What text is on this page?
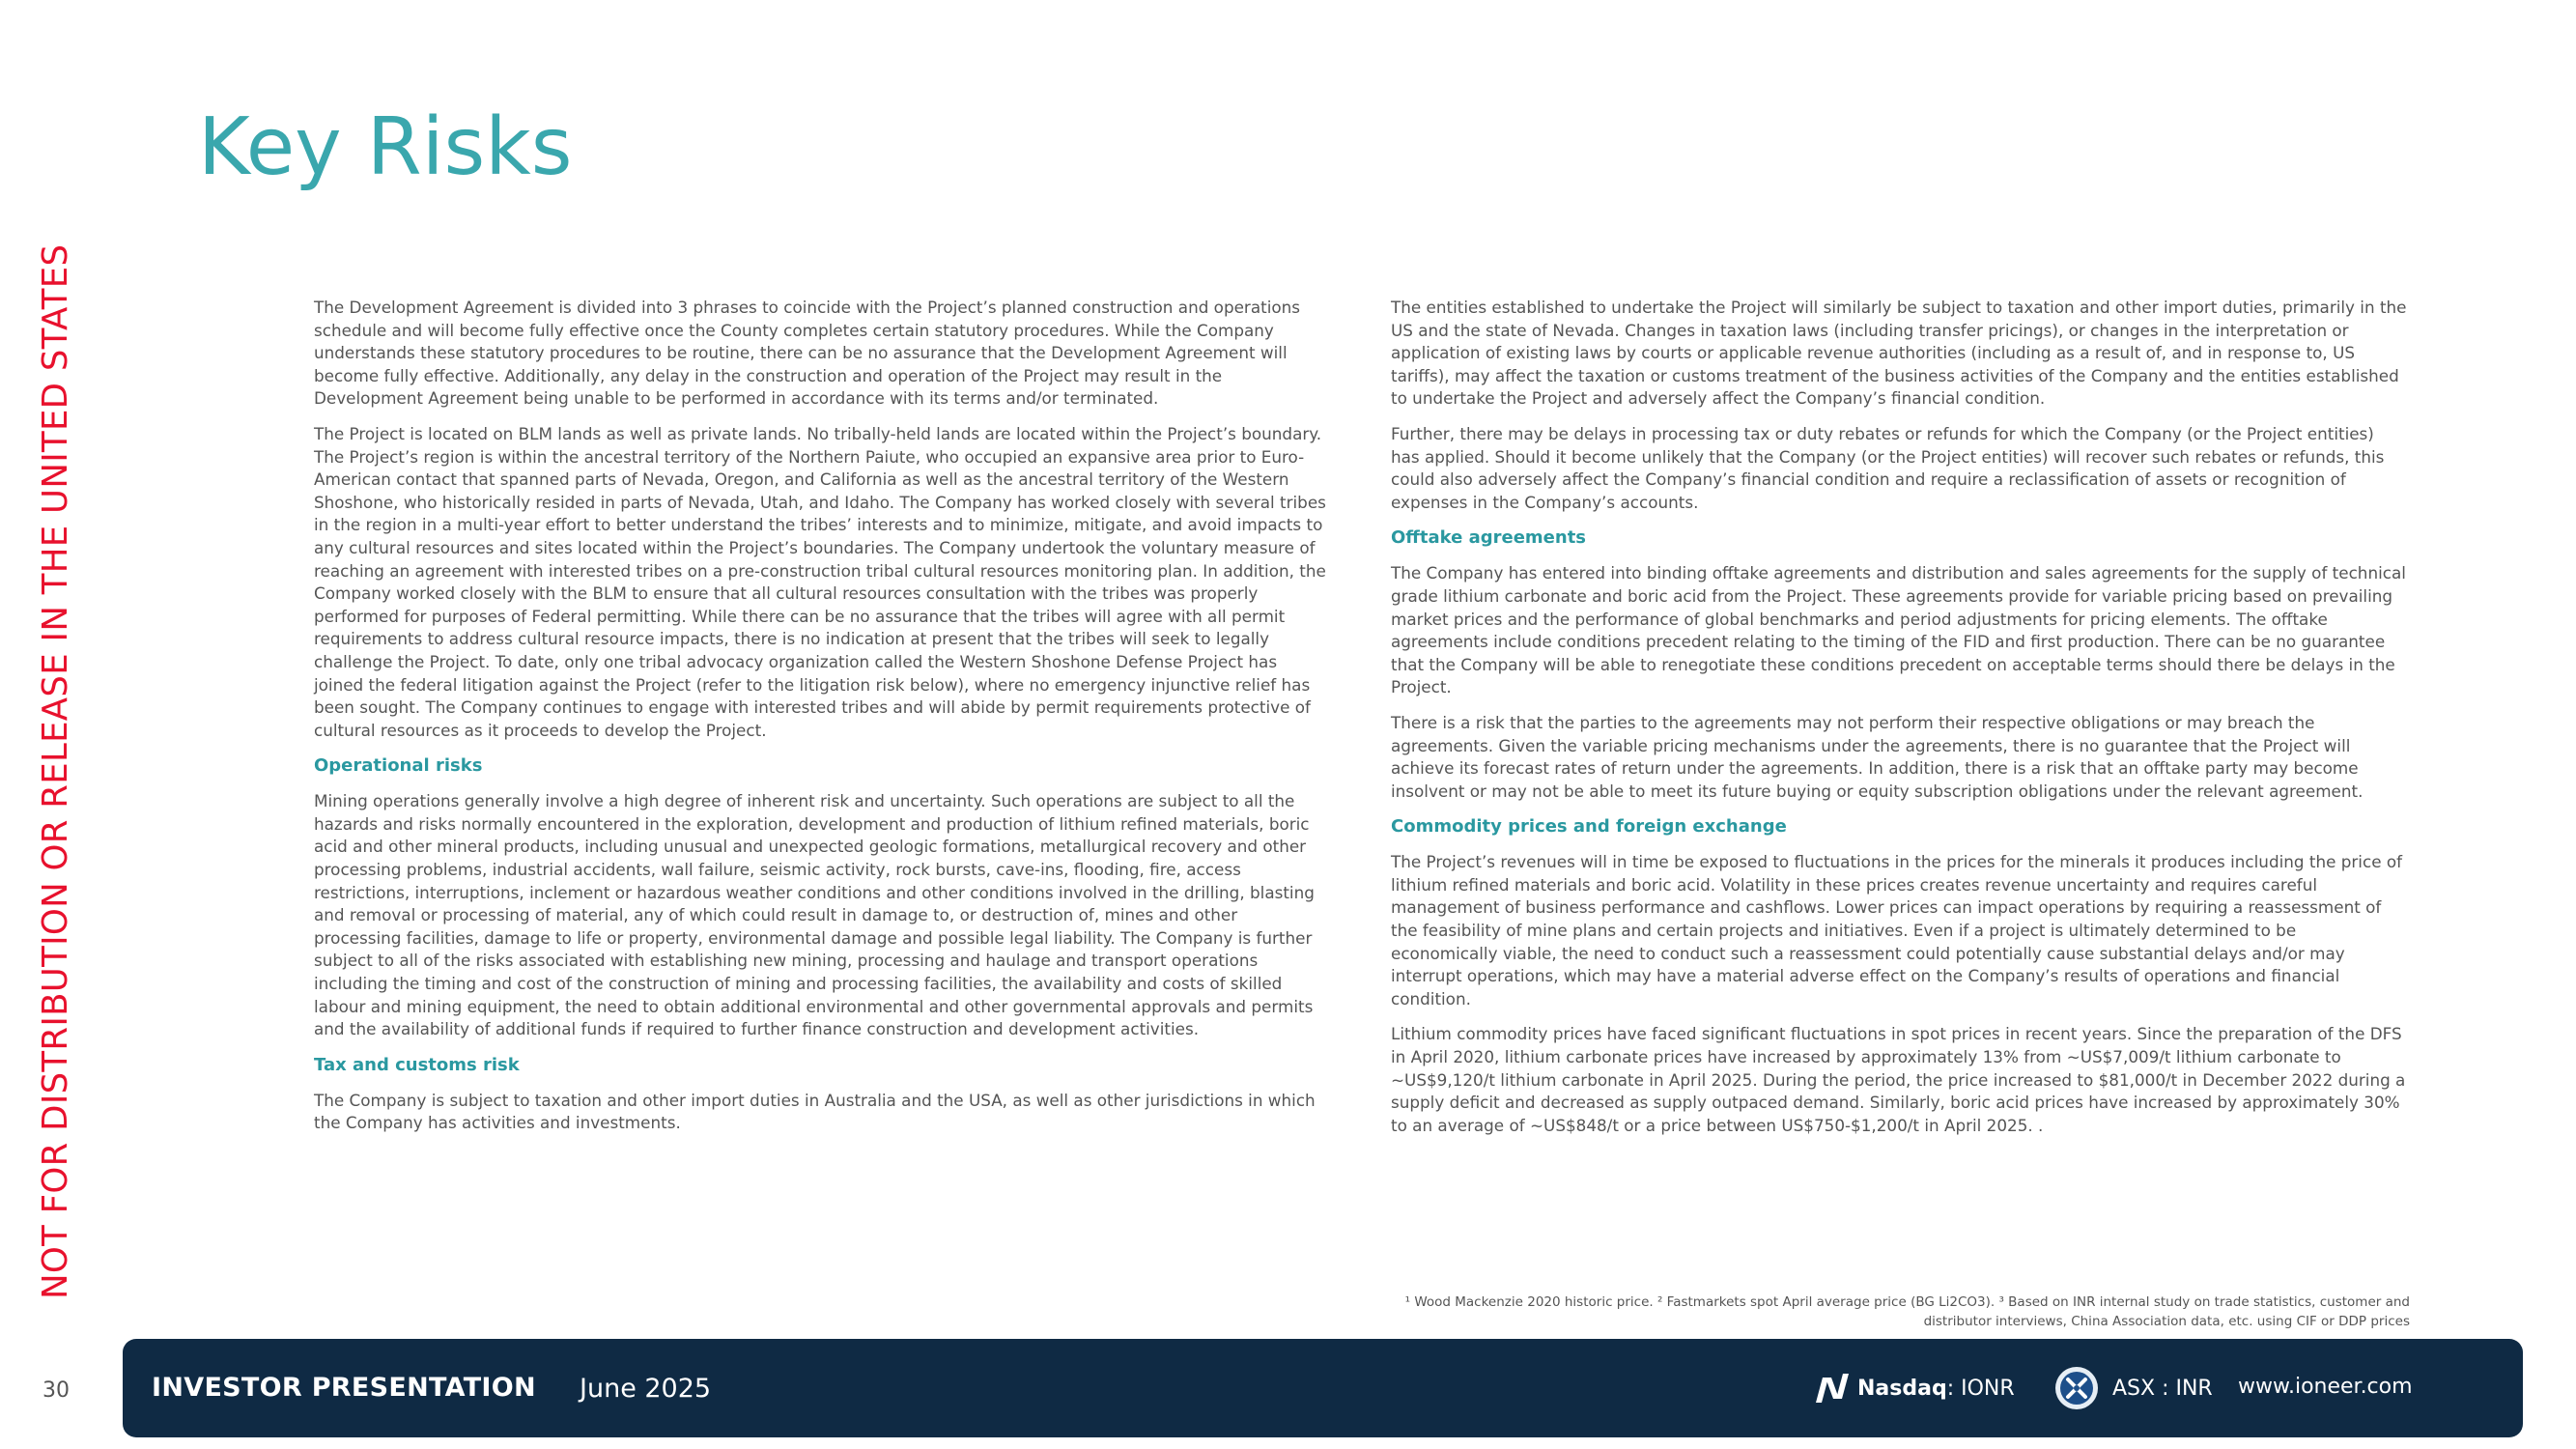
NOT FOR DISTRIBUTION OR RELEASE IN THE UNITED STATES
Key Risks

The Development Agreement is divided into 3 phrases to coincide with the Project’s planned construction and operations schedule and will become fully effective once the County completes certain statutory procedures. While the Company understands these statutory procedures to be routine, there can be no assurance that the Development Agreement will become fully effective. Additionally, any delay in the construction and operation of the Project may result in the Development Agreement being unable to be performed in accordance with its terms and/or terminated.

The Project is located on BLM lands as well as private lands. No tribally-held lands are located within the Project’s boundary. The Project’s region is within the ancestral territory of the Northern Paiute, who occupied an expansive area prior to Euro-American contact that spanned parts of Nevada, Oregon, and California as well as the ancestral territory of the Western Shoshone, who historically resided in parts of Nevada, Utah, and Idaho. The Company has worked closely with several tribes in the region in a multi-year effort to better understand the tribes’ interests and to minimize, mitigate, and avoid impacts to any cultural resources and sites located within the Project’s boundaries. The Company undertook the voluntary measure of reaching an agreement with interested tribes on a pre-construction tribal cultural resources monitoring plan. In addition, the Company worked closely with the BLM to ensure that all cultural resources consultation with the tribes was properly performed for purposes of Federal permitting. While there can be no assurance that the tribes will agree with all permit requirements to address cultural resource impacts, there is no indication at present that the tribes will seek to legally challenge the Project. To date, only one tribal advocacy organization called the Western Shoshone Defense Project has joined the federal litigation against the Project (refer to the litigation risk below), where no emergency injunctive relief has been sought. The Company continues to engage with interested tribes and will abide by permit requirements protective of cultural resources as it proceeds to develop the Project.

Operational risks

Mining operations generally involve a high degree of inherent risk and uncertainty. Such operations are subject to all the hazards and risks normally encountered in the exploration, development and production of lithium refined materials, boric acid and other mineral products, including unusual and unexpected geologic formations, metallurgical recovery and other processing problems, industrial accidents, wall failure, seismic activity, rock bursts, cave-ins, flooding, fire, access restrictions, interruptions, inclement or hazardous weather conditions and other conditions involved in the drilling, blasting and removal or processing of material, any of which could result in damage to, or destruction of, mines and other processing facilities, damage to life or property, environmental damage and possible legal liability. The Company is further subject to all of the risks associated with establishing new mining, processing and haulage and transport operations including the timing and cost of the construction of mining and processing facilities, the availability and costs of skilled labour and mining equipment, the need to obtain additional environmental and other governmental approvals and permits and the availability of additional funds if required to further finance construction and development activities.

Tax and customs risk

The Company is subject to taxation and other import duties in Australia and the USA, as well as other jurisdictions in which the Company has activities and investments.

The entities established to undertake the Project will similarly be subject to taxation and other import duties, primarily in the US and the state of Nevada. Changes in taxation laws (including transfer pricings), or changes in the interpretation or application of existing laws by courts or applicable revenue authorities (including as a result of, and in response to, US tariffs), may affect the taxation or customs treatment of the business activities of the Company and the entities established to undertake the Project and adversely affect the Company’s financial condition.

Further, there may be delays in processing tax or duty rebates or refunds for which the Company (or the Project entities) has applied. Should it become unlikely that the Company (or the Project entities) will recover such rebates or refunds, this could also adversely affect the Company’s financial condition and require a reclassification of assets or recognition of expenses in the Company’s accounts.

Offtake agreements

The Company has entered into binding offtake agreements and distribution and sales agreements for the supply of technical grade lithium carbonate and boric acid from the Project. These agreements provide for variable pricing based on prevailing market prices and the performance of global benchmarks and period adjustments for pricing elements. The offtake agreements include conditions precedent relating to the timing of the FID and first production. There can be no guarantee that the Company will be able to renegotiate these conditions precedent on acceptable terms should there be delays in the Project.

There is a risk that the parties to the agreements may not perform their respective obligations or may breach the agreements. Given the variable pricing mechanisms under the agreements, there is no guarantee that the Project will achieve its forecast rates of return under the agreements. In addition, there is a risk that an offtake party may become insolvent or may not be able to meet its future buying or equity subscription obligations under the relevant agreement.

Commodity prices and foreign exchange

The Project’s revenues will in time be exposed to fluctuations in the prices for the minerals it produces including the price of lithium refined materials and boric acid. Volatility in these prices creates revenue uncertainty and requires careful management of business performance and cashflows. Lower prices can impact operations by requiring a reassessment of the feasibility of mine plans and certain projects and initiatives. Even if a project is ultimately determined to be economically viable, the need to conduct such a reassessment could potentially cause substantial delays and/or may interrupt operations, which may have a material adverse effect on the Company’s results of operations and financial condition.

Lithium commodity prices have faced significant fluctuations in spot prices in recent years. Since the preparation of the DFS in April 2020, lithium carbonate prices have increased by approximately 13% from ~US$7,009/t lithium carbonate to ~US$9,120/t lithium carbonate in April 2025. During the period, the price increased to $81,000/t in December 2022 during a supply deficit and decreased as supply outpaced demand. Similarly, boric acid prices have increased by approximately 30% to an average of ~US$848/t or a price between US$750-$1,200/t in April 2025. .

¹ Wood Mackenzie 2020 historic price. ² Fastmarkets spot April average price (BG Li2CO3). ³ Based on INR internal study on trade statistics, customer and distributor interviews, China Association data, etc. using CIF or DDP prices
30	INVESTOR PRESENTATION June 2025	Nasdaq : IONR	ASX : INR www.ioneer.com
